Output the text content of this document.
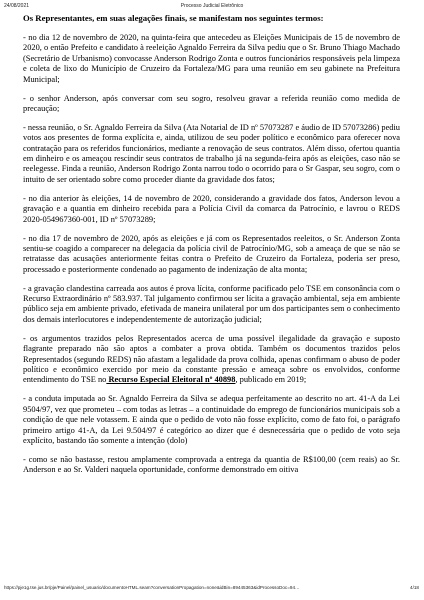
24/08/2021	Processo Judicial Eletrônico
Os Representantes, em suas alegações finais, se manifestam nos seguintes termos:

- no dia 12 de novembro de 2020, na quinta-feira que antecedeu as Eleições Municipais de 15 de novembro de 2020, o então Prefeito e candidato à reeleição Agnaldo Ferreira da Silva pediu que o Sr. Bruno Thiago Machado (Secretário de Urbanismo) convocasse Anderson Rodrigo Zonta e outros funcionários responsáveis pela limpeza e coleta de lixo do Município de Cruzeiro da Fortaleza/MG para uma reunião em seu gabinete na Prefeitura Municipal;

- o senhor Anderson, após conversar com seu sogro, resolveu gravar a referida reunião como medida de precaução;

- nessa reunião, o Sr. Agnaldo Ferreira da Silva (Ata Notarial de ID nº 57073287 e áudio de ID 57073286) pediu votos aos presentes de forma explícita e, ainda, utilizou de seu poder político e econômico para oferecer nova contratação para os referidos funcionários, mediante a renovação de seus contratos. Além disso, ofertou quantia em dinheiro e os ameaçou rescindir seus contratos de trabalho já na segunda-feira após as eleições, caso não se reelegesse. Finda a reunião, Anderson Rodrigo Zonta narrou todo o ocorrido para o Sr Gaspar, seu sogro, com o intuito de ser orientado sobre como proceder diante da gravidade dos fatos;

- no dia anterior às eleições, 14 de novembro de 2020, considerando a gravidade dos fatos, Anderson levou a gravação e a quantia em dinheiro recebida para a Polícia Civil da comarca da Patrocínio, e lavrou o REDS 2020-054967360-001, ID nº 57073289;

- no dia 17 de novembro de 2020, após as eleições e já com os Representados reeleitos, o Sr. Anderson Zonta sentiu-se coagido a comparecer na delegacia da polícia civil de Patrocínio/MG, sob a ameaça de que se não se retratasse das acusações anteriormente feitas contra o Prefeito de Cruzeiro da Fortaleza, poderia ser preso, processado e posteriormente condenado ao pagamento de indenização de alta monta;

- a gravação clandestina carreada aos autos é prova lícita, conforme pacificado pelo TSE em consonância com o Recurso Extraordinário nº 583.937. Tal julgamento confirmou ser lícita a gravação ambiental, seja em ambiente público seja em ambiente privado, efetivada de maneira unilateral por um dos participantes sem o conhecimento dos demais interlocutores e independentemente de autorização judicial;

- os argumentos trazidos pelos Representados acerca de uma possível ilegalidade da gravação e suposto flagrante preparado não são aptos a combater a prova obtida. Também os documentos trazidos pelos Representados (segundo REDS) não afastam a legalidade da prova colhida, apenas confirmam o abuso de poder político e econômico exercido por meio da constante pressão e ameaça sobre os envolvidos, conforme entendimento do TSE no Recurso Especial Eleitoral nº 40898, publicado em 2019;

- a conduta imputada ao Sr. Agnaldo Ferreira da Silva se adequa perfeitamente ao descrito no art. 41-A da Lei 9504/97, vez que prometeu – com todas as letras – a continuidade do emprego de funcionários municipais sob a condição de que nele votassem. E ainda que o pedido de voto não fosse explícito, como de fato foi, o parágrafo primeiro artigo 41-A, da Lei 9.504/97 é categórico ao dizer que é desnecessária que o pedido de voto seja explícito, bastando tão somente a intenção (dolo)

- como se não bastasse, restou amplamente comprovada a entrega da quantia de R$100,00 (cem reais) ao Sr. Anderson e ao Sr. Valderi naquela oportunidade, conforme demonstrado em oitiva

https://pje1g.tse.jus.br/pje/Painel/painel_usuario/documentoHTML.seam?conversationPropagation=none&idBin=89445363&idProcessoDoc=94…	4/18
